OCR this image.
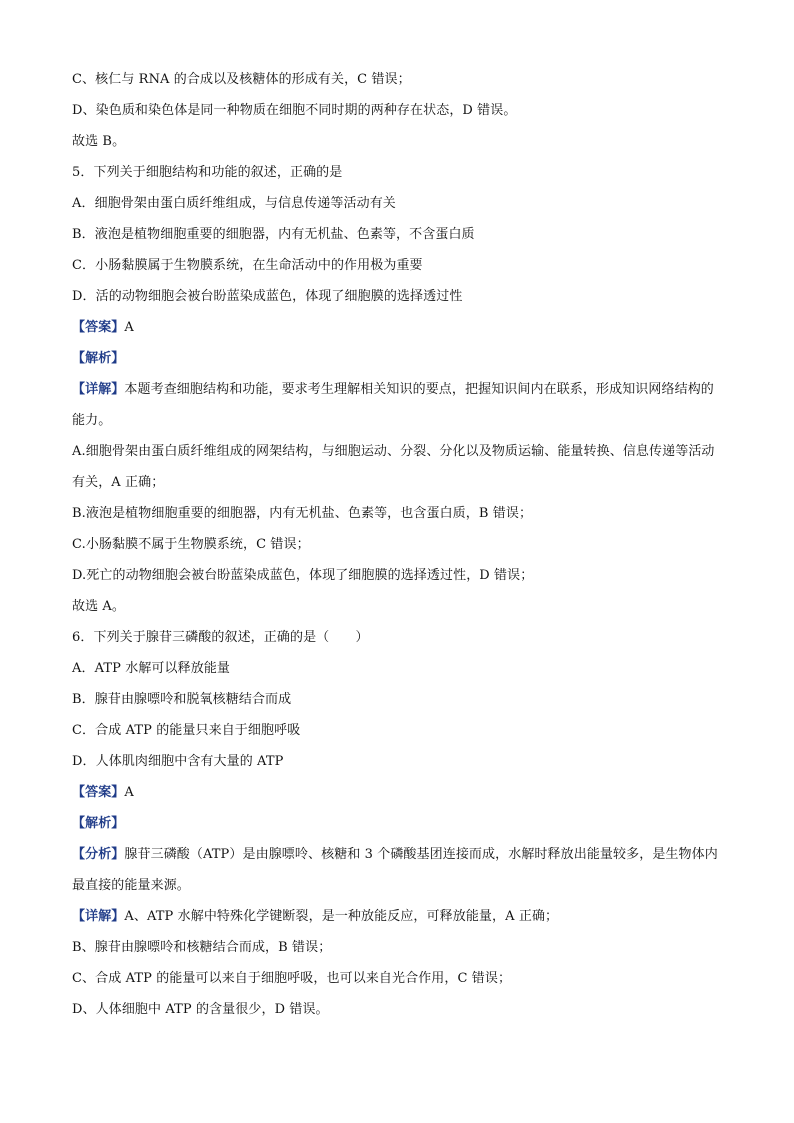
C、核仁与 RNA 的合成以及核糖体的形成有关，C 错误；
D、染色质和染色体是同一种物质在细胞不同时期的两种存在状态，D 错误。
故选 B。
5．下列关于细胞结构和功能的叙述，正确的是
A．细胞骨架由蛋白质纤维组成，与信息传递等活动有关
B．液泡是植物细胞重要的细胞器，内有无机盐、色素等，不含蛋白质
C．小肠黏膜属于生物膜系统，在生命活动中的作用极为重要
D．活的动物细胞会被台盼蓝染成蓝色，体现了细胞膜的选择透过性
【答案】A
【解析】
【详解】本题考查细胞结构和功能，要求考生理解相关知识的要点，把握知识间内在联系，形成知识网络结构的能力。
A.细胞骨架由蛋白质纤维组成的网架结构，与细胞运动、分裂、分化以及物质运输、能量转换、信息传递等活动有关，A 正确；
B.液泡是植物细胞重要的细胞器，内有无机盐、色素等，也含蛋白质，B 错误；
C.小肠黏膜不属于生物膜系统，C 错误；
D.死亡的动物细胞会被台盼蓝染成蓝色，体现了细胞膜的选择透过性，D 错误；
故选 A。
6．下列关于腺苷三磷酸的叙述，正确的是（　　）
A．ATP 水解可以释放能量
B．腺苷由腺嘌呤和脱氧核糖结合而成
C．合成 ATP 的能量只来自于细胞呼吸
D．人体肌肉细胞中含有大量的 ATP
【答案】A
【解析】
【分析】腺苷三磷酸（ATP）是由腺嘌呤、核糖和 3 个磷酸基团连接而成，水解时释放出能量较多，是生物体内最直接的能量来源。
【详解】A、ATP 水解中特殊化学键断裂，是一种放能反应，可释放能量，A 正确；
B、腺苷由腺嘌呤和核糖结合而成，B 错误；
C、合成 ATP 的能量可以来自于细胞呼吸，也可以来自光合作用，C 错误；
D、人体细胞中 ATP 的含量很少，D 错误。
